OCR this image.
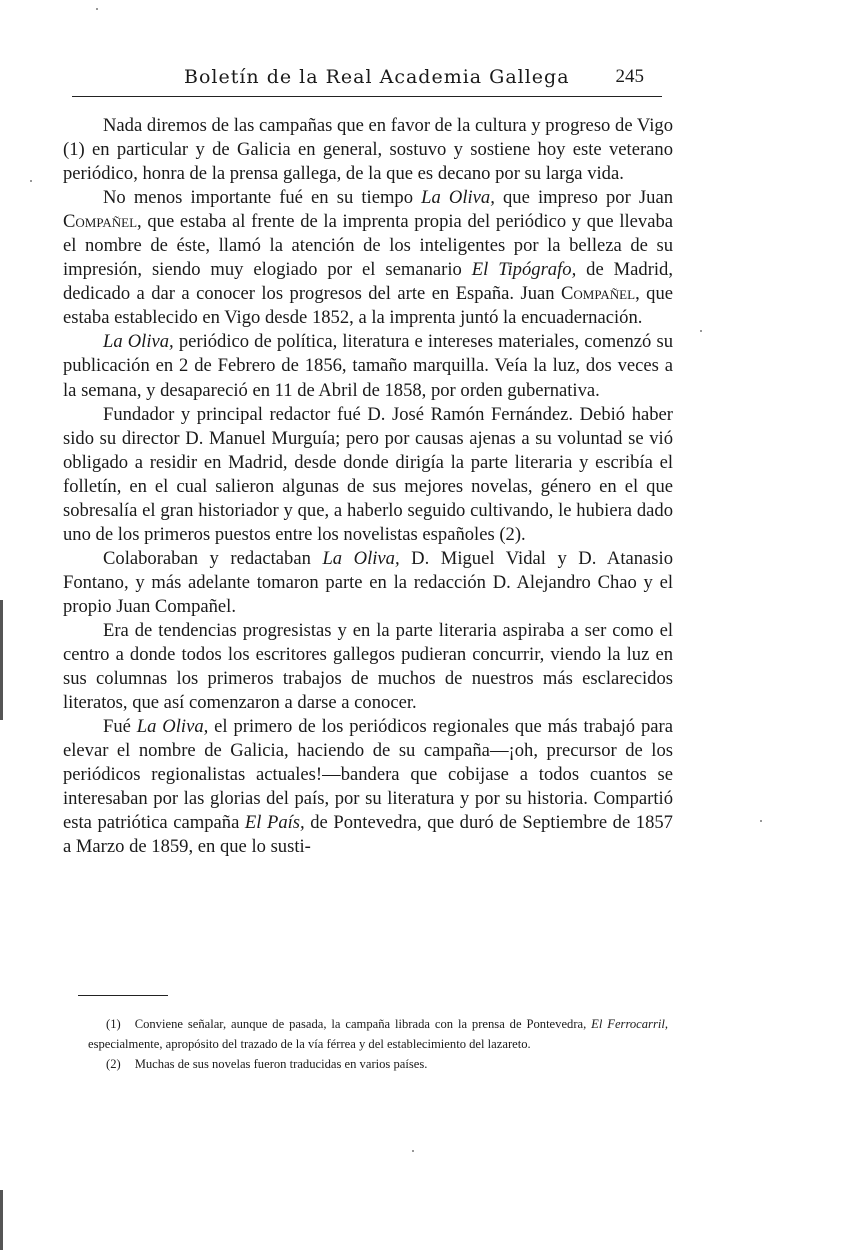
Boletín de la Real Academia Gallega 245

Nada diremos de las campañas que en favor de la cultura y progreso de Vigo (1) en particular y de Galicia en general, sostuvo y sostiene hoy este veterano periódico, honra de la prensa gallega, de la que es decano por su larga vida.

No menos importante fué en su tiempo La Oliva, que impreso por Juan Compañel, que estaba al frente de la imprenta propia del periódico y que llevaba el nombre de éste, llamó la atención de los inteligentes por la belleza de su impresión, siendo muy elogiado por el semanario El Tipógrafo, de Madrid, dedicado a dar a conocer los progresos del arte en España. Juan Compañel, que estaba establecido en Vigo desde 1852, a la imprenta juntó la encuadernación.

La Oliva, periódico de política, literatura e intereses materiales, comenzó su publicación en 2 de Febrero de 1856, tamaño marquilla. Veía la luz, dos veces a la semana, y desapareció en 11 de Abril de 1858, por orden gubernativa.

Fundador y principal redactor fué D. José Ramón Fernández. Debió haber sido su director D. Manuel Murguía; pero por causas ajenas a su voluntad se vió obligado a residir en Madrid, desde donde dirigía la parte literaria y escribía el folletín, en el cual salieron algunas de sus mejores novelas, género en el que sobresalía el gran historiador y que, a haberlo seguido cultivando, le hubiera dado uno de los primeros puestos entre los novelistas españoles (2).

Colaboraban y redactaban La Oliva, D. Miguel Vidal y D. Atanasio Fontano, y más adelante tomaron parte en la redacción D. Alejandro Chao y el propio Juan Compañel.

Era de tendencias progresistas y en la parte literaria aspiraba a ser como el centro a donde todos los escritores gallegos pudieran concurrir, viendo la luz en sus columnas los primeros trabajos de muchos de nuestros más esclarecidos literatos, que así comenzaron a darse a conocer.

Fué La Oliva, el primero de los periódicos regionales que más trabajó para elevar el nombre de Galicia, haciendo de su campaña—¡oh, precursor de los periódicos regionalistas actuales!—bandera que cobijase a todos cuantos se interesaban por las glorias del país, por su literatura y por su historia. Compartió esta patriótica campaña El País, de Pontevedra, que duró de Septiembre de 1857 a Marzo de 1859, en que lo susti-

(1) Conviene señalar, aunque de pasada, la campaña librada con la prensa de Pontevedra, El Ferrocarril, especialmente, apropósito del trazado de la vía férrea y del establecimiento del lazareto.

(2) Muchas de sus novelas fueron traducidas en varios países.
